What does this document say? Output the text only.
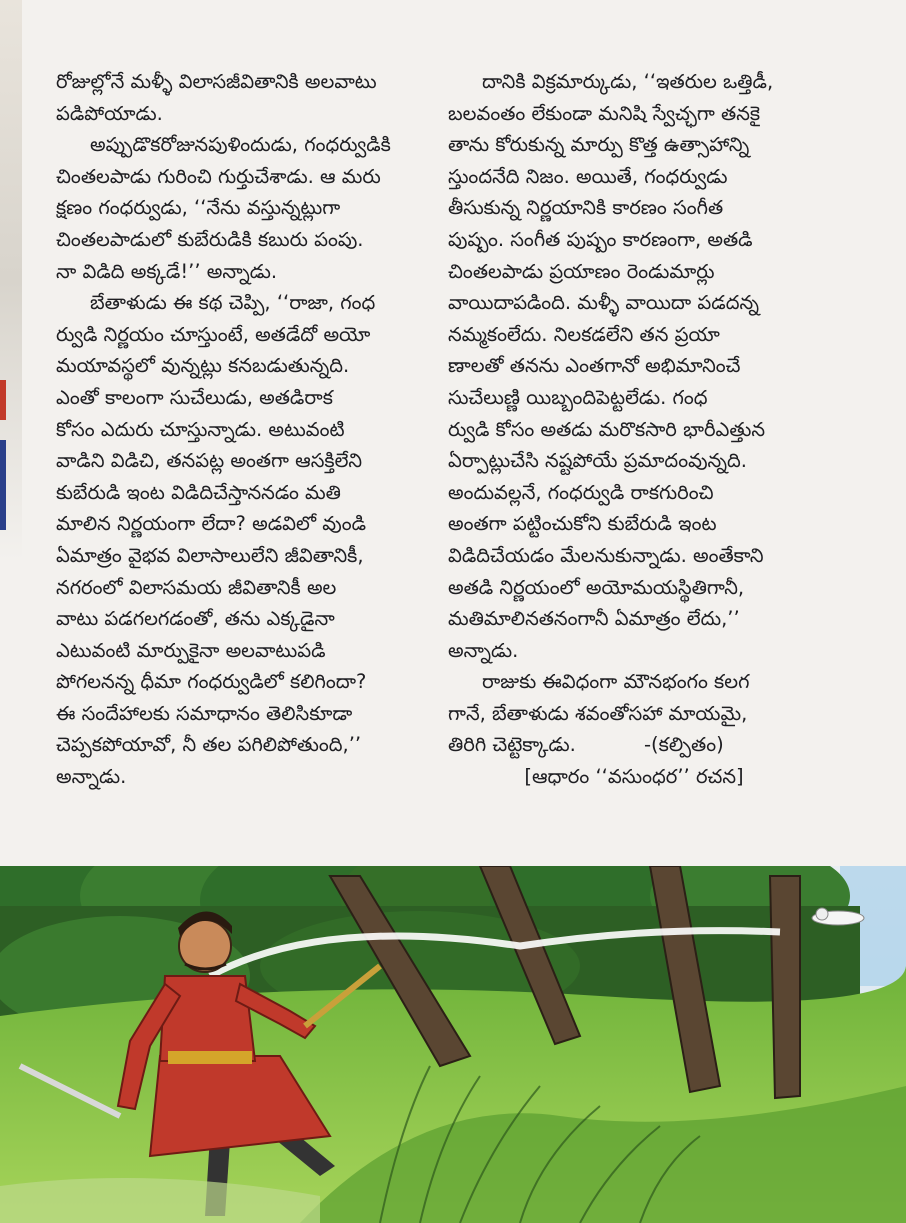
రోజుల్లోనే మళ్ళీ విలాసజీవితానికి అలవాటు
పడిపోయాడు.
అప్పుడొకరోజునపుళిందుడు, గంధర్వుడికి
చింతలపాడు గురించి గుర్తుచేశాడు. ఆ మరు
క్షణం గంధర్వుడు, ‘‘నేను వస్తున్నట్లుగా
చింతలపాడులో కుబేరుడికి కబురు పంపు.
నా విడిది అక్కడే!’’ అన్నాడు.
బేతాళుడు ఈ కథ చెప్పి, ‘‘రాజా, గంధ
ర్వుడి నిర్ణయం చూస్తుంటే, అతడేదో అయో
మయావస్థలో వున్నట్లు కనబడుతున్నది.
ఎంతో కాలంగా సుచేలుడు, అతడిరాక
కోసం ఎదురు చూస్తున్నాడు. అటువంటి
వాడిని విడిచి, తనపట్ల అంతగా ఆసక్తిలేని
కుబేరుడి ఇంట విడిదిచేస్తాననడం మతి
మాలిన నిర్ణయంగా లేదా? అడవిలో వుండి
ఏమాత్రం వైభవ విలాసాలులేని జీవితానికీ,
నగరంలో విలాసమయ జీవితానికీ అల
వాటు పడగలగడంతో, తను ఎక్కడైనా
ఎటువంటి మార్పుకైనా అలవాటుపడి
పోగలనన్న ధీమా గంధర్వుడిలో కలిగిందా?
ఈ సందేహాలకు సమాధానం తెలిసికూడా
చెప్పకపోయావో, నీ తల పగిలిపోతుంది,’’
అన్నాడు.
దానికి విక్రమార్కుడు, ‘‘ఇతరుల ఒత్తిడీ,
బలవంతం లేకుండా మనిషి స్వేచ్ఛగా తనకై
తాను కోరుకున్న మార్పు కొత్త ఉత్సాహాన్ని
స్తుందనేది నిజం. అయితే, గంధర్వుడు
తీసుకున్న నిర్ణయానికి కారణం సంగీత
పుష్పం. సంగీత పుష్పం కారణంగా, అతడి
చింతలపాడు ప్రయాణం రెండుమార్లు
వాయిదాపడింది. మళ్ళీ వాయిదా పడదన్న
నమ్మకంలేదు. నిలకడలేని తన ప్రయా
ణాలతో తనను ఎంతగానో అభిమానించే
సుచేలుణ్ణి యిబ్బందిపెట్టలేడు. గంధ
ర్వుడి కోసం అతడు మరొకసారి భారీఎత్తున
ఏర్పాట్లుచేసి నష్టపోయే ప్రమాదంవున్నది.
అందువల్లనే, గంధర్వుడి రాకగురించి
అంతగా పట్టించుకోని కుబేరుడి ఇంట
విడిదిచేయడం మేలనుకున్నాడు. అంతేకాని
అతడి నిర్ణయంలో అయోమయస్థితిగానీ,
మతిమాలినతనంగానీ ఏమాత్రం లేదు,’’
అన్నాడు.
రాజుకు ఈవిధంగా మౌనభంగం కలగ
గానే, బేతాళుడు శవంతోసహా మాయమై,
తిరిగి చెట్టెక్కాడు.           -(కల్పితం)
[ఆధారం ‘‘వసుంధర’’ రచన]
